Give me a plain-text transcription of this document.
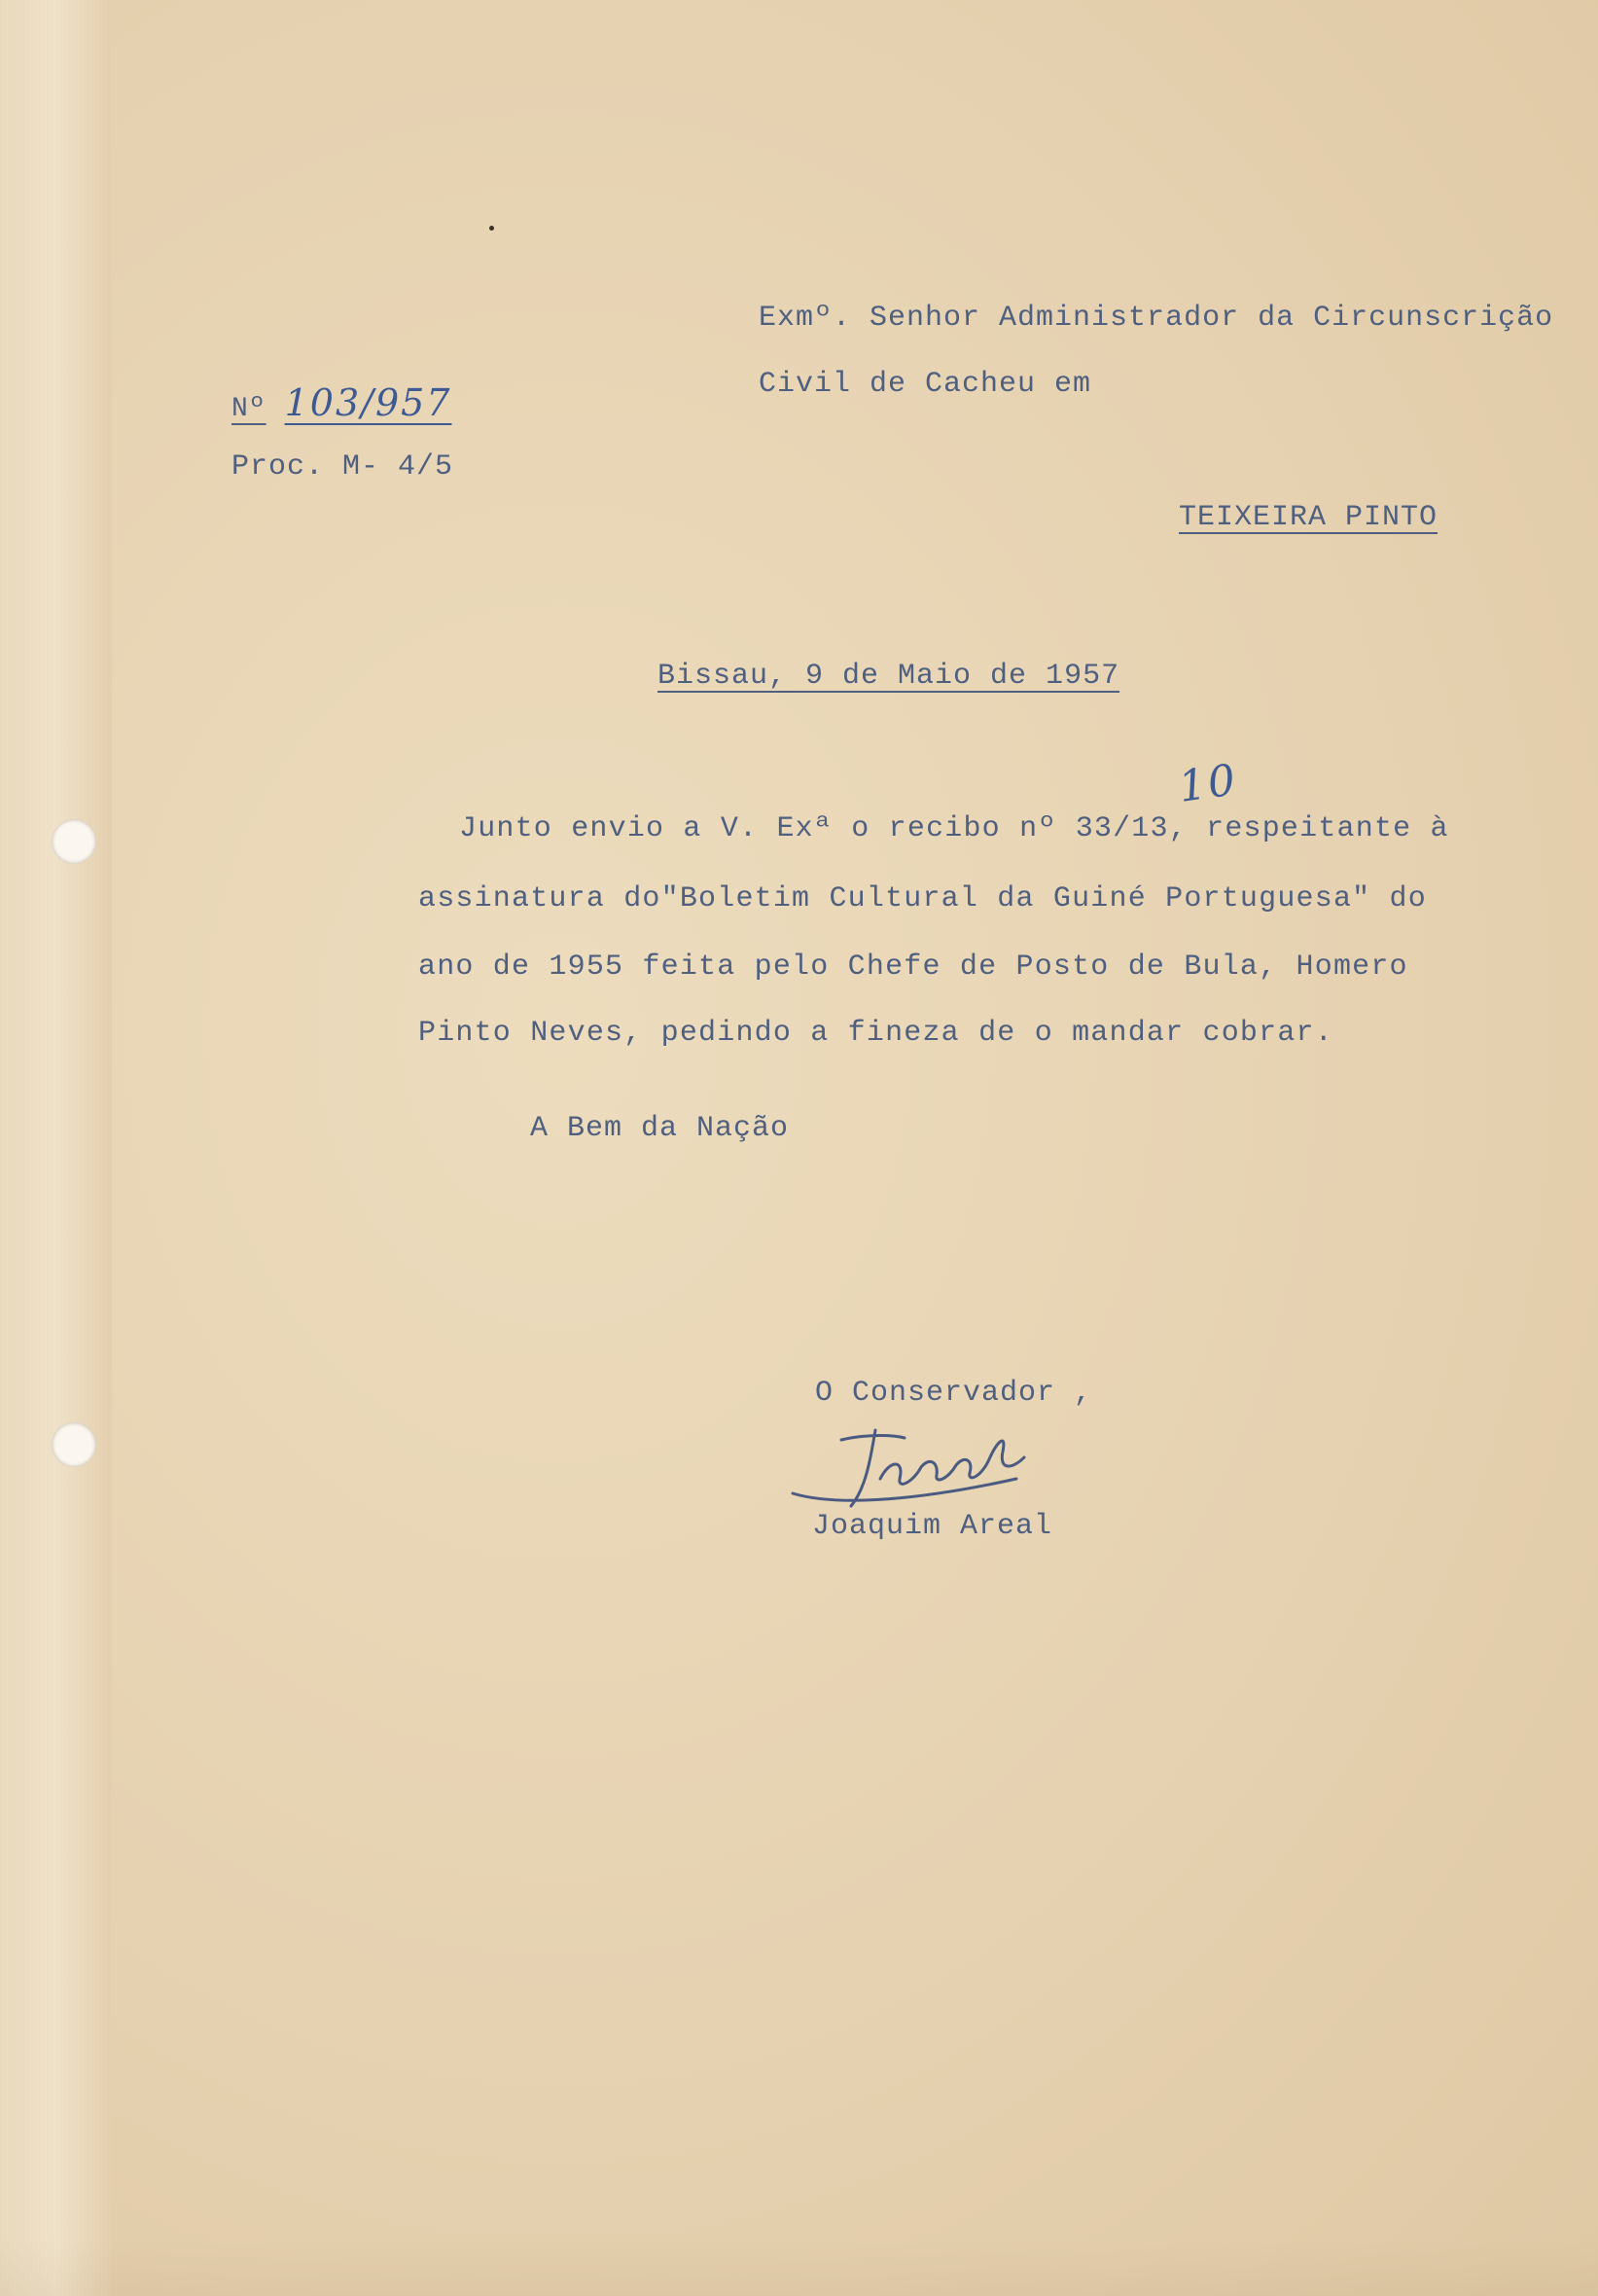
Exmº. Senhor Administrador da Circunscrição
Civil de Cacheu em
TEIXEIRA PINTO
Nº 103/957
Proc. M- 4/5
Bissau, 9 de Maio de 1957
10
Junto envio a V. Exª o recibo nº 33/13, respeitante à
assinatura do"Boletim Cultural da Guiné Portuguesa" do
ano de 1955 feita pelo Chefe de Posto de Bula, Homero
Pinto Neves, pedindo a fineza de o mandar cobrar.
A Bem da Nação
O Conservador ,
Joaquim Areal
